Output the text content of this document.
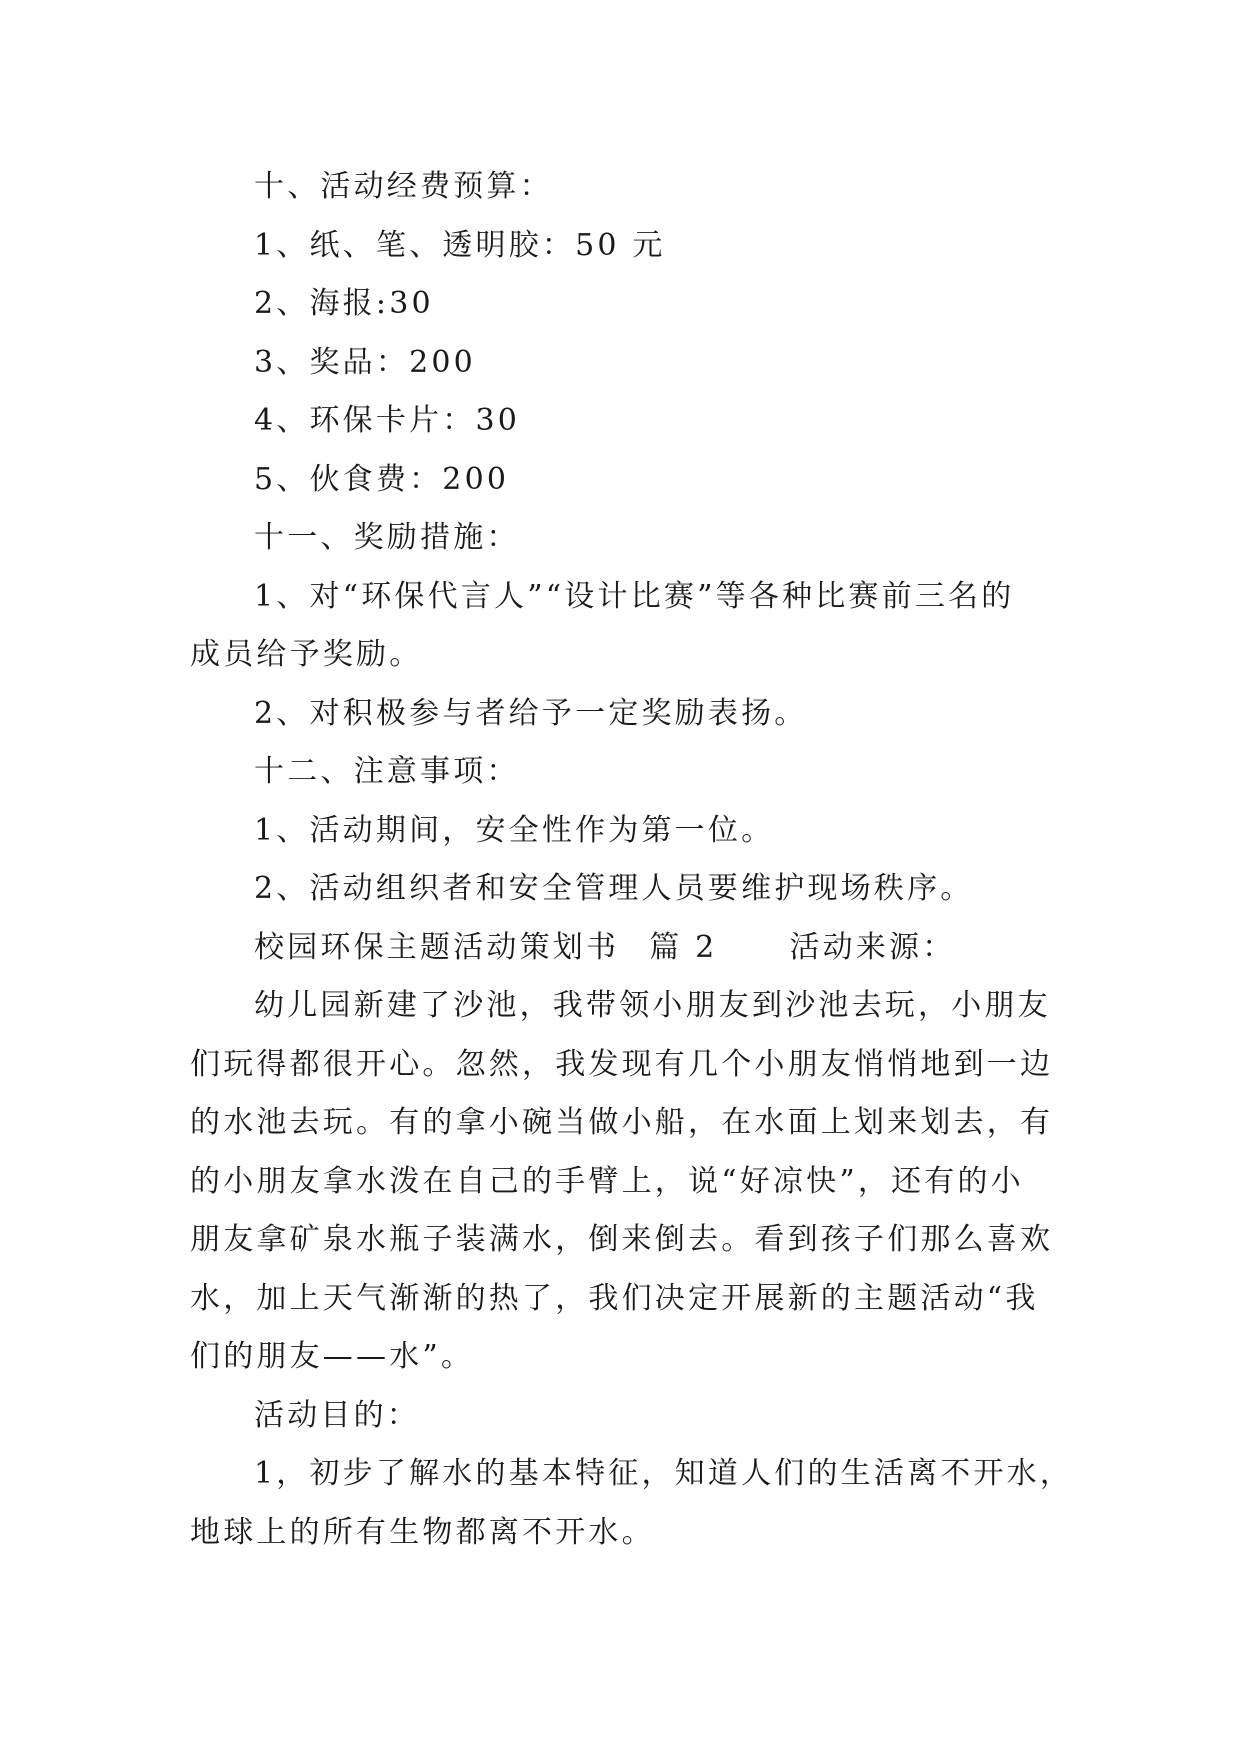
十、活动经费预算：
1、纸、笔、透明胶：50 元
2、海报:30
3、奖品：200
4、环保卡片：30
5、伙食费：200
十一、奖励措施：
1、对“环保代言人”“设计比赛”等各种比赛前三名的
成员给予奖励。
2、对积极参与者给予一定奖励表扬。
十二、注意事项：
1、活动期间，安全性作为第一位。
2、活动组织者和安全管理人员要维护现场秩序。
校园环保主题活动策划书 篇 2 活动来源：
幼儿园新建了沙池，我带领小朋友到沙池去玩，小朋友
们玩得都很开心。忽然，我发现有几个小朋友悄悄地到一边
的水池去玩。有的拿小碗当做小船，在水面上划来划去，有
的小朋友拿水泼在自己的手臂上，说“好凉快”，还有的小
朋友拿矿泉水瓶子装满水，倒来倒去。看到孩子们那么喜欢
水，加上天气渐渐的热了，我们决定开展新的主题活动“我
们的朋友——水”。
活动目的：
1，初步了解水的基本特征，知道人们的生活离不开水，
地球上的所有生物都离不开水。
